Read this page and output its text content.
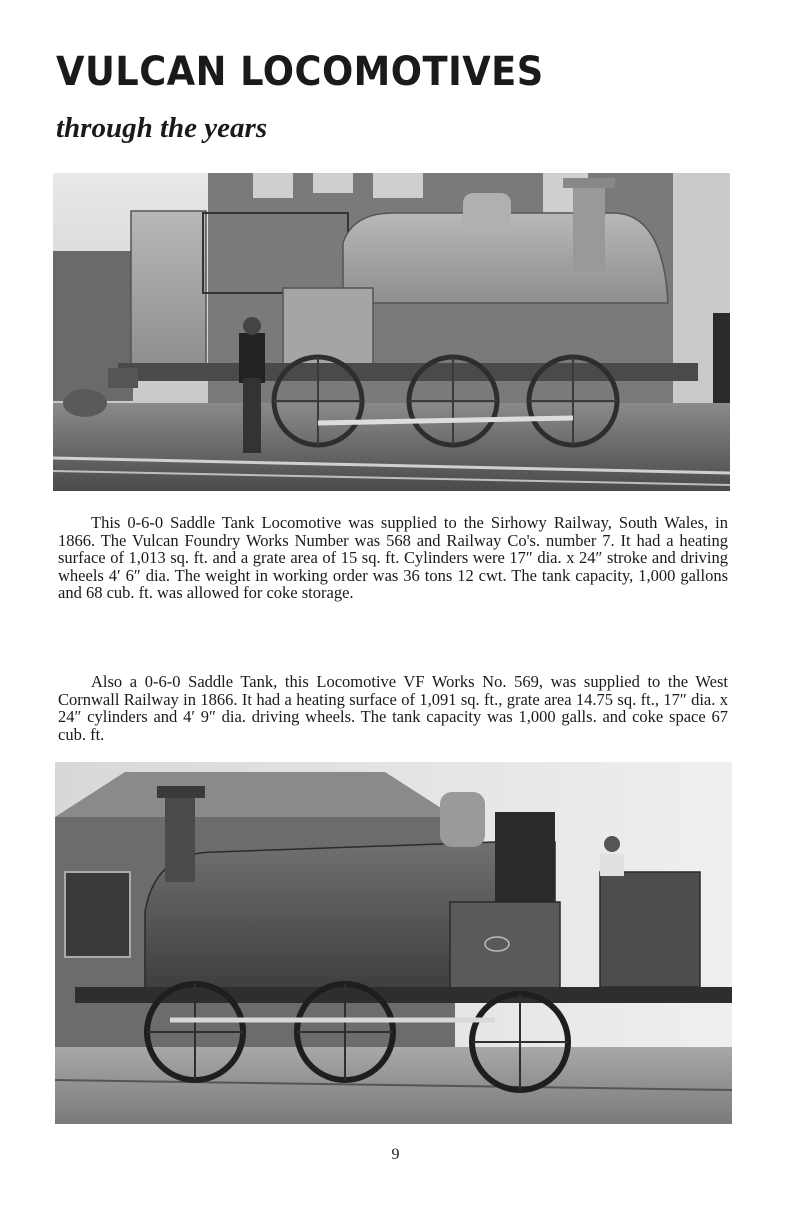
VULCAN LOCOMOTIVES
through the years

This 0-6-0 Saddle Tank Locomotive was supplied to the Sirhowy Railway, South Wales, in 1866. The Vulcan Foundry Works Number was 568 and Railway Co's. number 7. It had a heating surface of 1,013 sq. ft. and a grate area of 15 sq. ft. Cylinders were 17″ dia. x 24″ stroke and driving wheels 4′ 6″ dia. The weight in working order was 36 tons 12 cwt. The tank capacity, 1,000 gallons and 68 cub. ft. was allowed for coke storage.

Also a 0-6-0 Saddle Tank, this Locomotive VF Works No. 569, was supplied to the West Cornwall Railway in 1866. It had a heating surface of 1,091 sq. ft., grate area 14.75 sq. ft., 17″ dia. x 24″ cylinders and 4′ 9″ dia. driving wheels. The tank capacity was 1,000 galls. and coke space 67 cub. ft.

9
